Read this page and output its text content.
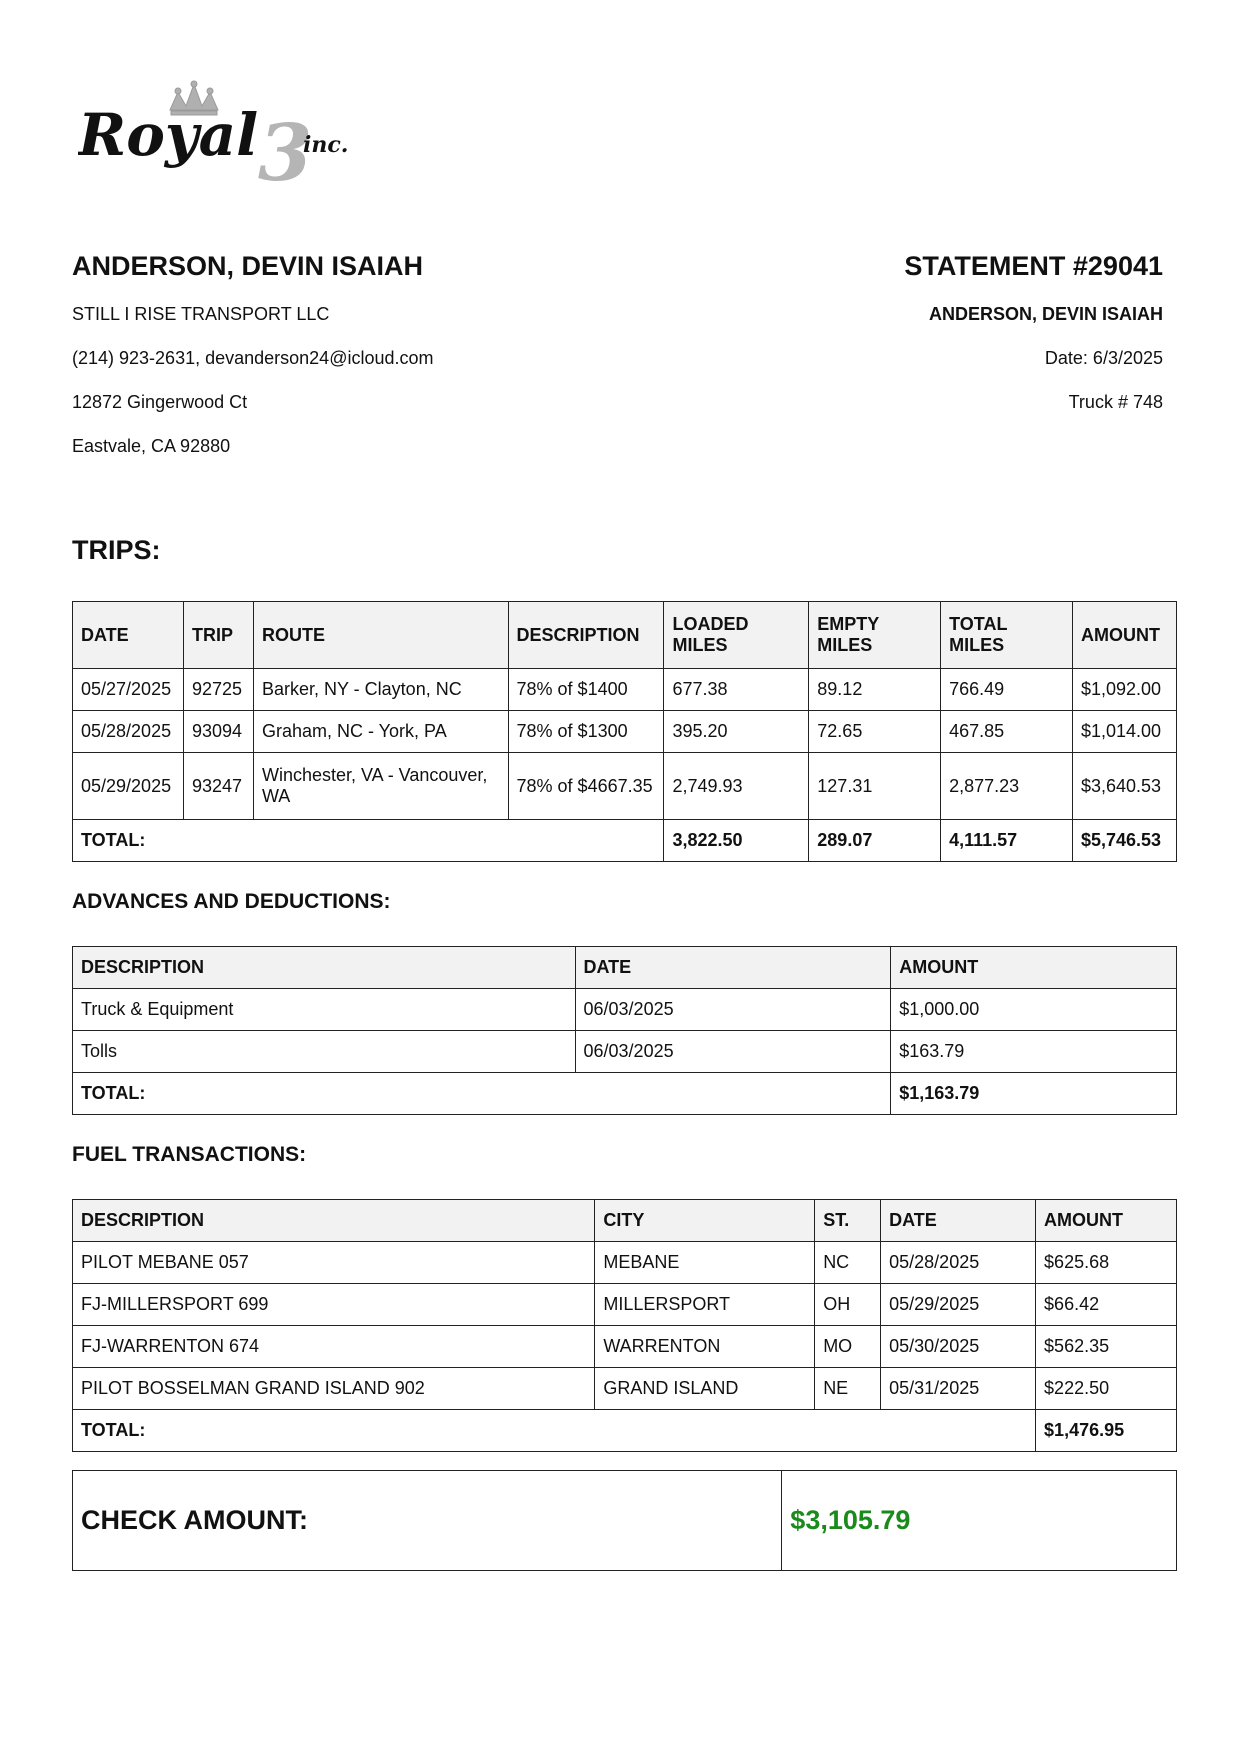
Royal 3
inc.
ANDERSON, DEVIN ISAIAH
STILL I RISE TRANSPORT LLC
(214) 923-2631, devanderson24@icloud.com
12872 Gingerwood Ct
Eastvale, CA 92880
STATEMENT #29041
ANDERSON, DEVIN ISAIAH
Date: 6/3/2025
Truck # 748
TRIPS:
DATE	TRIP	ROUTE	DESCRIPTION	LOADED MILES	EMPTY MILES	TOTAL MILES	AMOUNT
05/27/2025	92725	Barker, NY - Clayton, NC	78% of $1400	677.38	89.12	766.49	$1,092.00
05/28/2025	93094	Graham, NC - York, PA	78% of $1300	395.20	72.65	467.85	$1,014.00
05/29/2025	93247	Winchester, VA - Vancouver, WA	78% of $4667.35	2,749.93	127.31	2,877.23	$3,640.53
TOTAL:				3,822.50	289.07	4,111.57	$5,746.53
ADVANCES AND DEDUCTIONS:
DESCRIPTION	DATE	AMOUNT
Truck & Equipment	06/03/2025	$1,000.00
Tolls	06/03/2025	$163.79
TOTAL:		$1,163.79
FUEL TRANSACTIONS:
DESCRIPTION	CITY	ST.	DATE	AMOUNT
PILOT MEBANE 057	MEBANE	NC	05/28/2025	$625.68
FJ-MILLERSPORT 699	MILLERSPORT	OH	05/29/2025	$66.42
FJ-WARRENTON 674	WARRENTON	MO	05/30/2025	$562.35
PILOT BOSSELMAN GRAND ISLAND 902	GRAND ISLAND	NE	05/31/2025	$222.50
TOTAL:				$1,476.95
CHECK AMOUNT:	$3,105.79
